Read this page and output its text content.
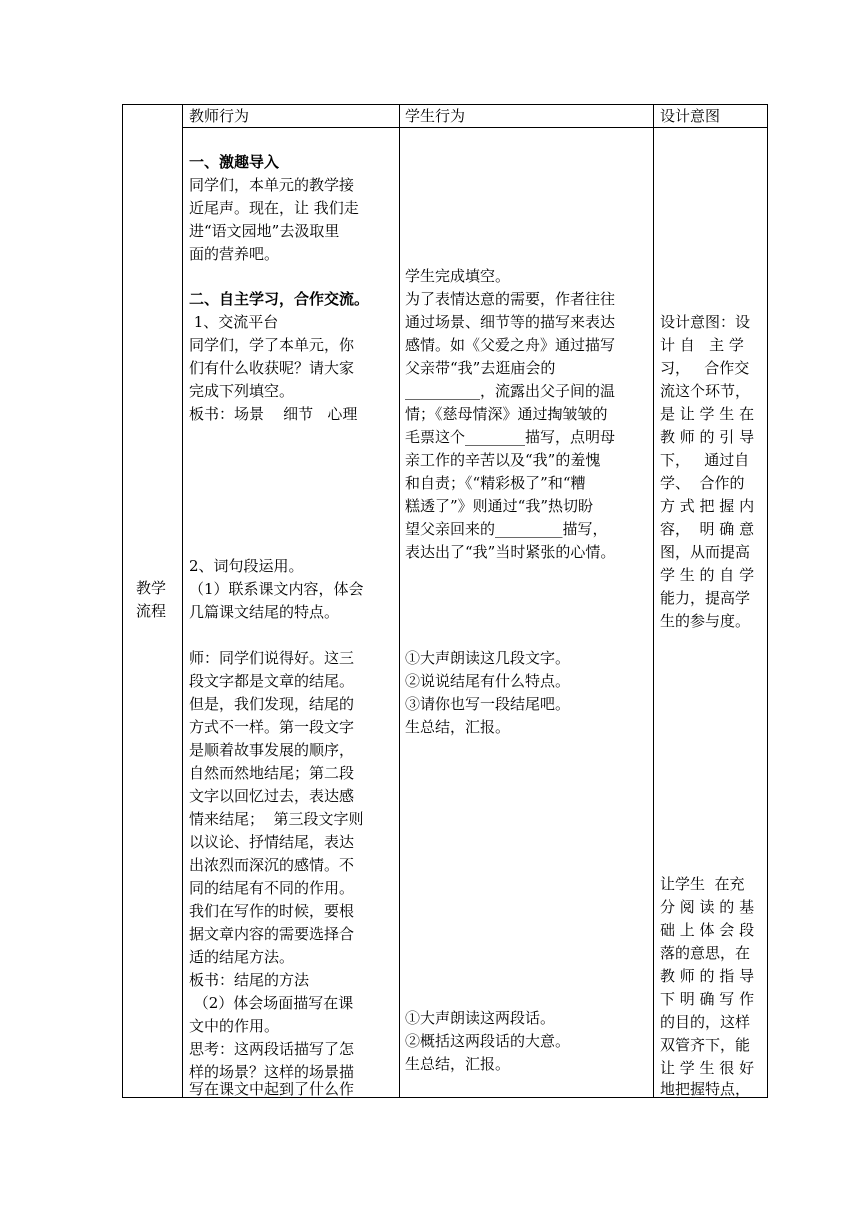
教师行为	学生行为	设计意图
教学
流程
一、激趣导入
同学们，本单元的教学接
近尾声。现在，让 我们走
进“语文园地”去汲取里
面的营养吧。
二、自主学习，合作交流。
1、交流平台
同学们，学了本单元，你
们有什么收获呢？请大家
完成下列填空。
板书：场景    细节   心理
2、词句段运用。
（1）联系课文内容，体会
几篇课文结尾的特点。
师：同学们说得好。这三
段文字都是文章的结尾。
但是，我们发现，结尾的
方式不一样。第一段文字
是顺着故事发展的顺序，
自然而然地结尾；第二段
文字以回忆过去，表达感
情来结尾；  第三段文字则
以议论、抒情结尾，表达
出浓烈而深沉的感情。不
同的结尾有不同的作用。
我们在写作的时候，要根
据文章内容的需要选择合
适的结尾方法。
板书：结尾的方法
（2）体会场面描写在课
文中的作用。
思考：这两段话描写了怎
样的场景？这样的场景描
写在课文中起到了什么作
学生完成填空。
为了表情达意的需要，作者往往
通过场景、细节等的描写来表达
感情。如《父爱之舟》通过描写
父亲带“我”去逛庙会的
__________，流露出父子间的温
情；《慈母情深》通过掏皱皱的
毛票这个________描写，点明母
亲工作的辛苦以及“我”的羞愧
和自责；《“精彩极了”和“糟
糕透了”》则通过“我”热切盼
望父亲回来的_________描写，
表达出了“我”当时紧张的心情。
①大声朗读这几段文字。
②说说结尾有什么特点。
③请你也写一段结尾吧。
生总结，汇报。
①大声朗读这两段话。
②概括这两段话的大意。
生总结，汇报。
设计意图：设
计 自   主 学
习，   合作交
流这个环节，
是 让 学 生 在
教 师 的 引 导
下，   通过自
学、  合作的
方 式 把 握 内
容，  明 确 意
图，从而提高
学 生 的 自 学
能力，提高学
生的参与度。
让学生  在充
分 阅 读 的 基
础 上 体 会 段
落的意思，在
教 师 的 指 导
下 明 确 写 作
的目的，这样
双管齐下，能
让 学 生 很 好
地把握特点，
